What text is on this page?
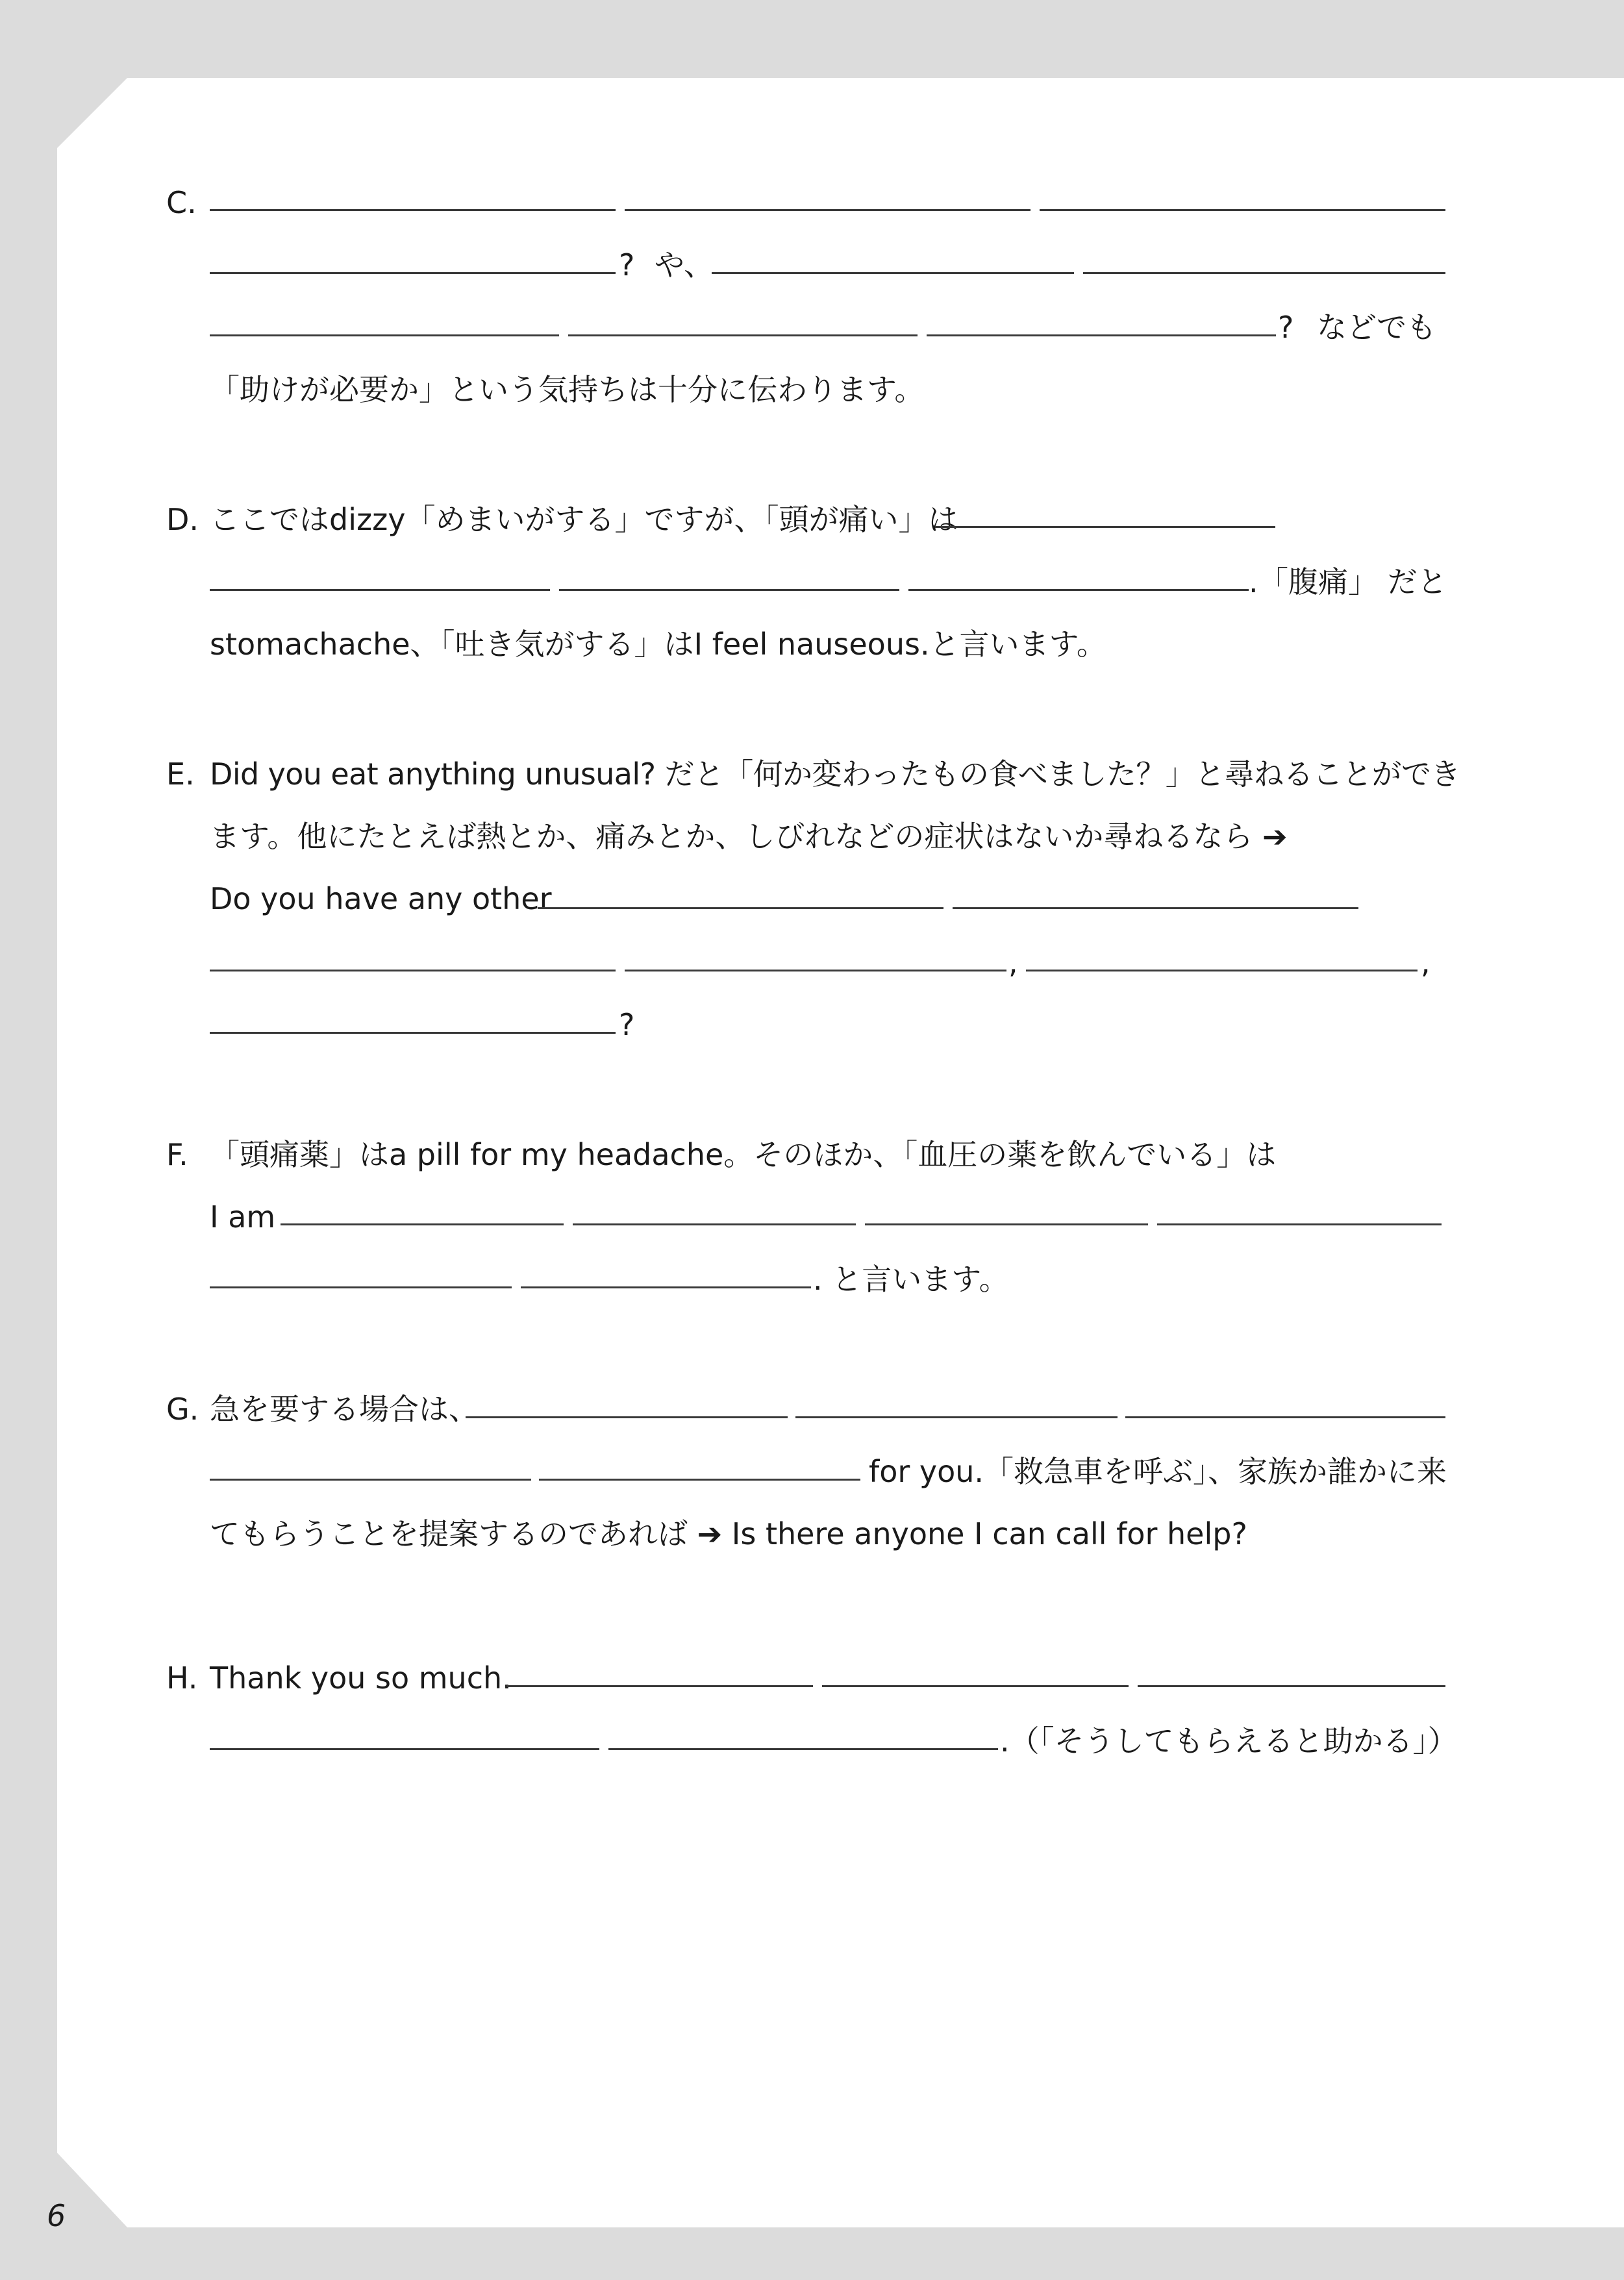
C.
? や、
? などでも
「助けが必要か」という気持ちは十分に伝わります。
D. ここではdizzy「めまいがする」ですが、「頭が痛い」は
. 「腹痛」 だと
stomachache、「吐き気がする」はI feel nauseous.と言います。
E. Did you eat anything unusual? だと「何か変わったもの食べました？」と尋ねることができ
ます。他にたとえば熱とか、痛みとか、しびれなどの症状はないか尋ねるなら ➔
Do you have any other
,	,
?
F. 「頭痛薬」はa pill for my headache。そのほか、「血圧の薬を飲んでいる」は
I am
. と言います。
G. 急を要する場合は、
for you.「救急車を呼ぶ」、家族か誰かに来
てもらうことを提案するのであれば ➔ Is there anyone I can call for help?
H. Thank you so much.
.（「そうしてもらえると助かる」）
6
